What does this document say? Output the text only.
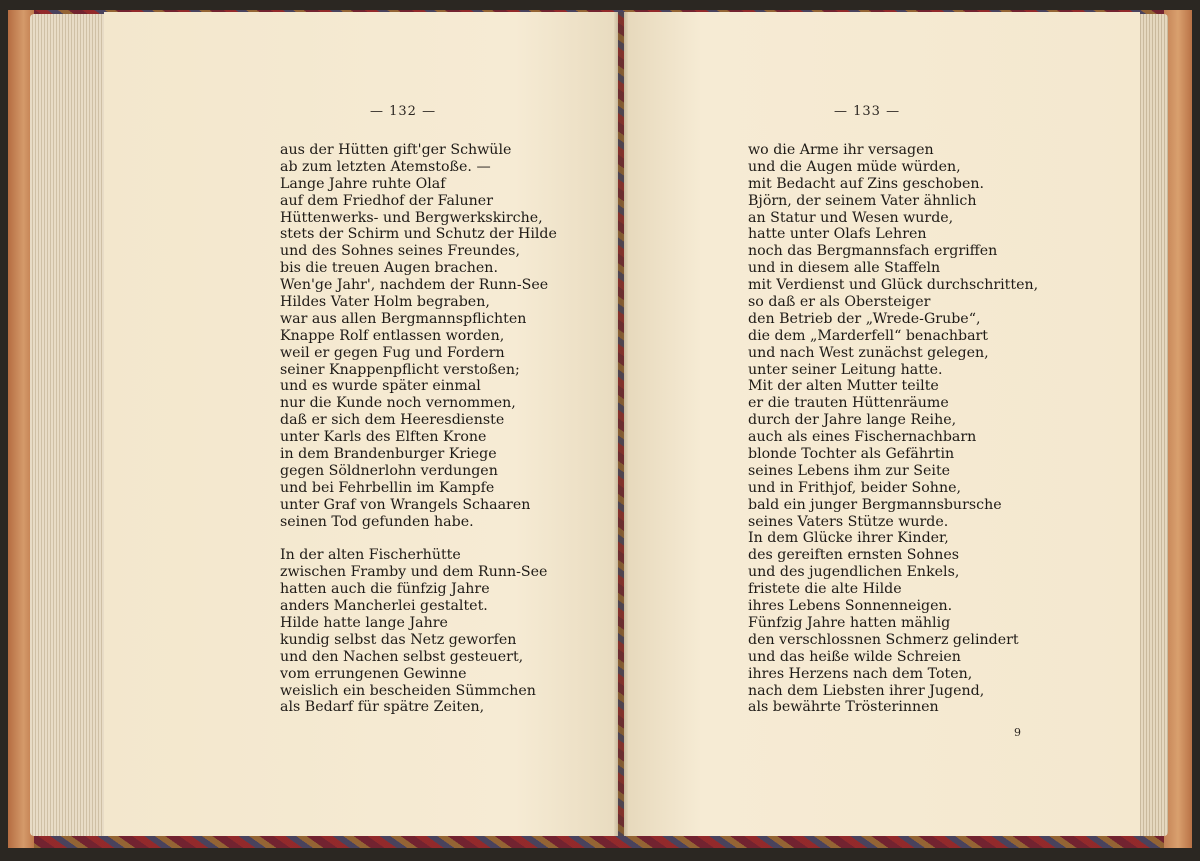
— 132 —
aus der Hütten gift'ger Schwüle
ab zum letzten Atemstoße. —
Lange Jahre ruhte Olaf
auf dem Friedhof der Faluner
Hüttenwerks- und Bergwerkskirche,
stets der Schirm und Schutz der Hilde
und des Sohnes seines Freundes,
bis die treuen Augen brachen.
Wen'ge Jahr', nachdem der Runn-See
Hildes Vater Holm begraben,
war aus allen Bergmannspflichten
Knappe Rolf entlassen worden,
weil er gegen Fug und Fordern
seiner Knappenpflicht verstoßen;
und es wurde später einmal
nur die Kunde noch vernommen,
daß er sich dem Heeresdienste
unter Karls des Elften Krone
in dem Brandenburger Kriege
gegen Söldnerlohn verdungen
und bei Fehrbellin im Kampfe
unter Graf von Wrangels Schaaren
seinen Tod gefunden habe.
In der alten Fischerhütte
zwischen Framby und dem Runn-See
hatten auch die fünfzig Jahre
anders Mancherlei gestaltet.
Hilde hatte lange Jahre
kundig selbst das Netz geworfen
und den Nachen selbst gesteuert,
vom errungenen Gewinne
weislich ein bescheiden Sümmchen
als Bedarf für spätre Zeiten,
— 133 —
wo die Arme ihr versagen
und die Augen müde würden,
mit Bedacht auf Zins geschoben.
Björn, der seinem Vater ähnlich
an Statur und Wesen wurde,
hatte unter Olafs Lehren
noch das Bergmannsfach ergriffen
und in diesem alle Staffeln
mit Verdienst und Glück durchschritten,
so daß er als Obersteiger
den Betrieb der „Wrede-Grube“,
die dem „Marderfell“ benachbart
und nach West zunächst gelegen,
unter seiner Leitung hatte.
Mit der alten Mutter teilte
er die trauten Hüttenräume
durch der Jahre lange Reihe,
auch als eines Fischernachbarn
blonde Tochter als Gefährtin
seines Lebens ihm zur Seite
und in Frithjof, beider Sohne,
bald ein junger Bergmannsbursche
seines Vaters Stütze wurde.
In dem Glücke ihrer Kinder,
des gereiften ernsten Sohnes
und des jugendlichen Enkels,
fristete die alte Hilde
ihres Lebens Sonnenneigen.
Fünfzig Jahre hatten mählig
den verschlossnen Schmerz gelindert
und das heiße wilde Schreien
ihres Herzens nach dem Toten,
nach dem Liebsten ihrer Jugend,
als bewährte Trösterinnen
9
